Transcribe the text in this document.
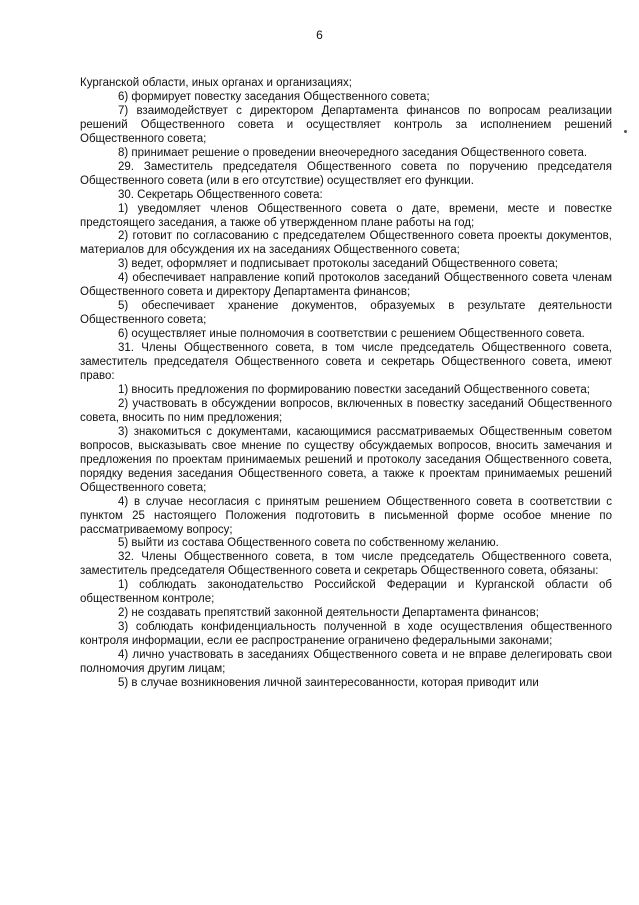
6

Курганской области, иных органах и организациях;

6) формирует повестку заседания Общественного совета;

7) взаимодействует с директором Департамента финансов по вопросам реализации решений Общественного совета и осуществляет контроль за исполнением решений Общественного совета;

8) принимает решение о проведении внеочередного заседания Общественного совета.

29. Заместитель председателя Общественного совета по поручению председателя Общественного совета (или в его отсутствие) осуществляет его функции.

30. Секретарь Общественного совета:

1) уведомляет членов Общественного совета о дате, времени, месте и повестке предстоящего заседания, а также об утвержденном плане работы на год;

2) готовит по согласованию с председателем Общественного совета проекты документов, материалов для обсуждения их на заседаниях Общественного совета;

3) ведет, оформляет и подписывает протоколы заседаний Общественного совета;

4) обеспечивает направление копий протоколов заседаний Общественного совета членам Общественного совета и директору Департамента финансов;

5) обеспечивает хранение документов, образуемых в результате деятельности Общественного совета;

6) осуществляет иные полномочия в соответствии с решением Общественного совета.

31. Члены Общественного совета, в том числе председатель Общественного совета, заместитель председателя Общественного совета и секретарь Общественного совета, имеют право:

1) вносить предложения по формированию повестки заседаний Общественного совета;

2) участвовать в обсуждении вопросов, включенных в повестку заседаний Общественного совета, вносить по ним предложения;

3) знакомиться с документами, касающимися рассматриваемых Общественным советом вопросов, высказывать свое мнение по существу обсуждаемых вопросов, вносить замечания и предложения по проектам принимаемых решений и протоколу заседания Общественного совета, порядку ведения заседания Общественного совета, а также к проектам принимаемых решений Общественного совета;

4) в случае несогласия с принятым решением Общественного совета в соответствии с пунктом 25 настоящего Положения подготовить в письменной форме особое мнение по рассматриваемому вопросу;

5) выйти из состава Общественного совета по собственному желанию.

32. Члены Общественного совета, в том числе председатель Общественного совета, заместитель председателя Общественного совета и секретарь Общественного совета, обязаны:

1) соблюдать законодательство Российской Федерации и Курганской области об общественном контроле;

2) не создавать препятствий законной деятельности Департамента финансов;

3) соблюдать конфиденциальность полученной в ходе осуществления общественного контроля информации, если ее распространение ограничено федеральными законами;

4) лично участвовать в заседаниях Общественного совета и не вправе делегировать свои полномочия другим лицам;

5) в случае возникновения личной заинтересованности, которая приводит или
